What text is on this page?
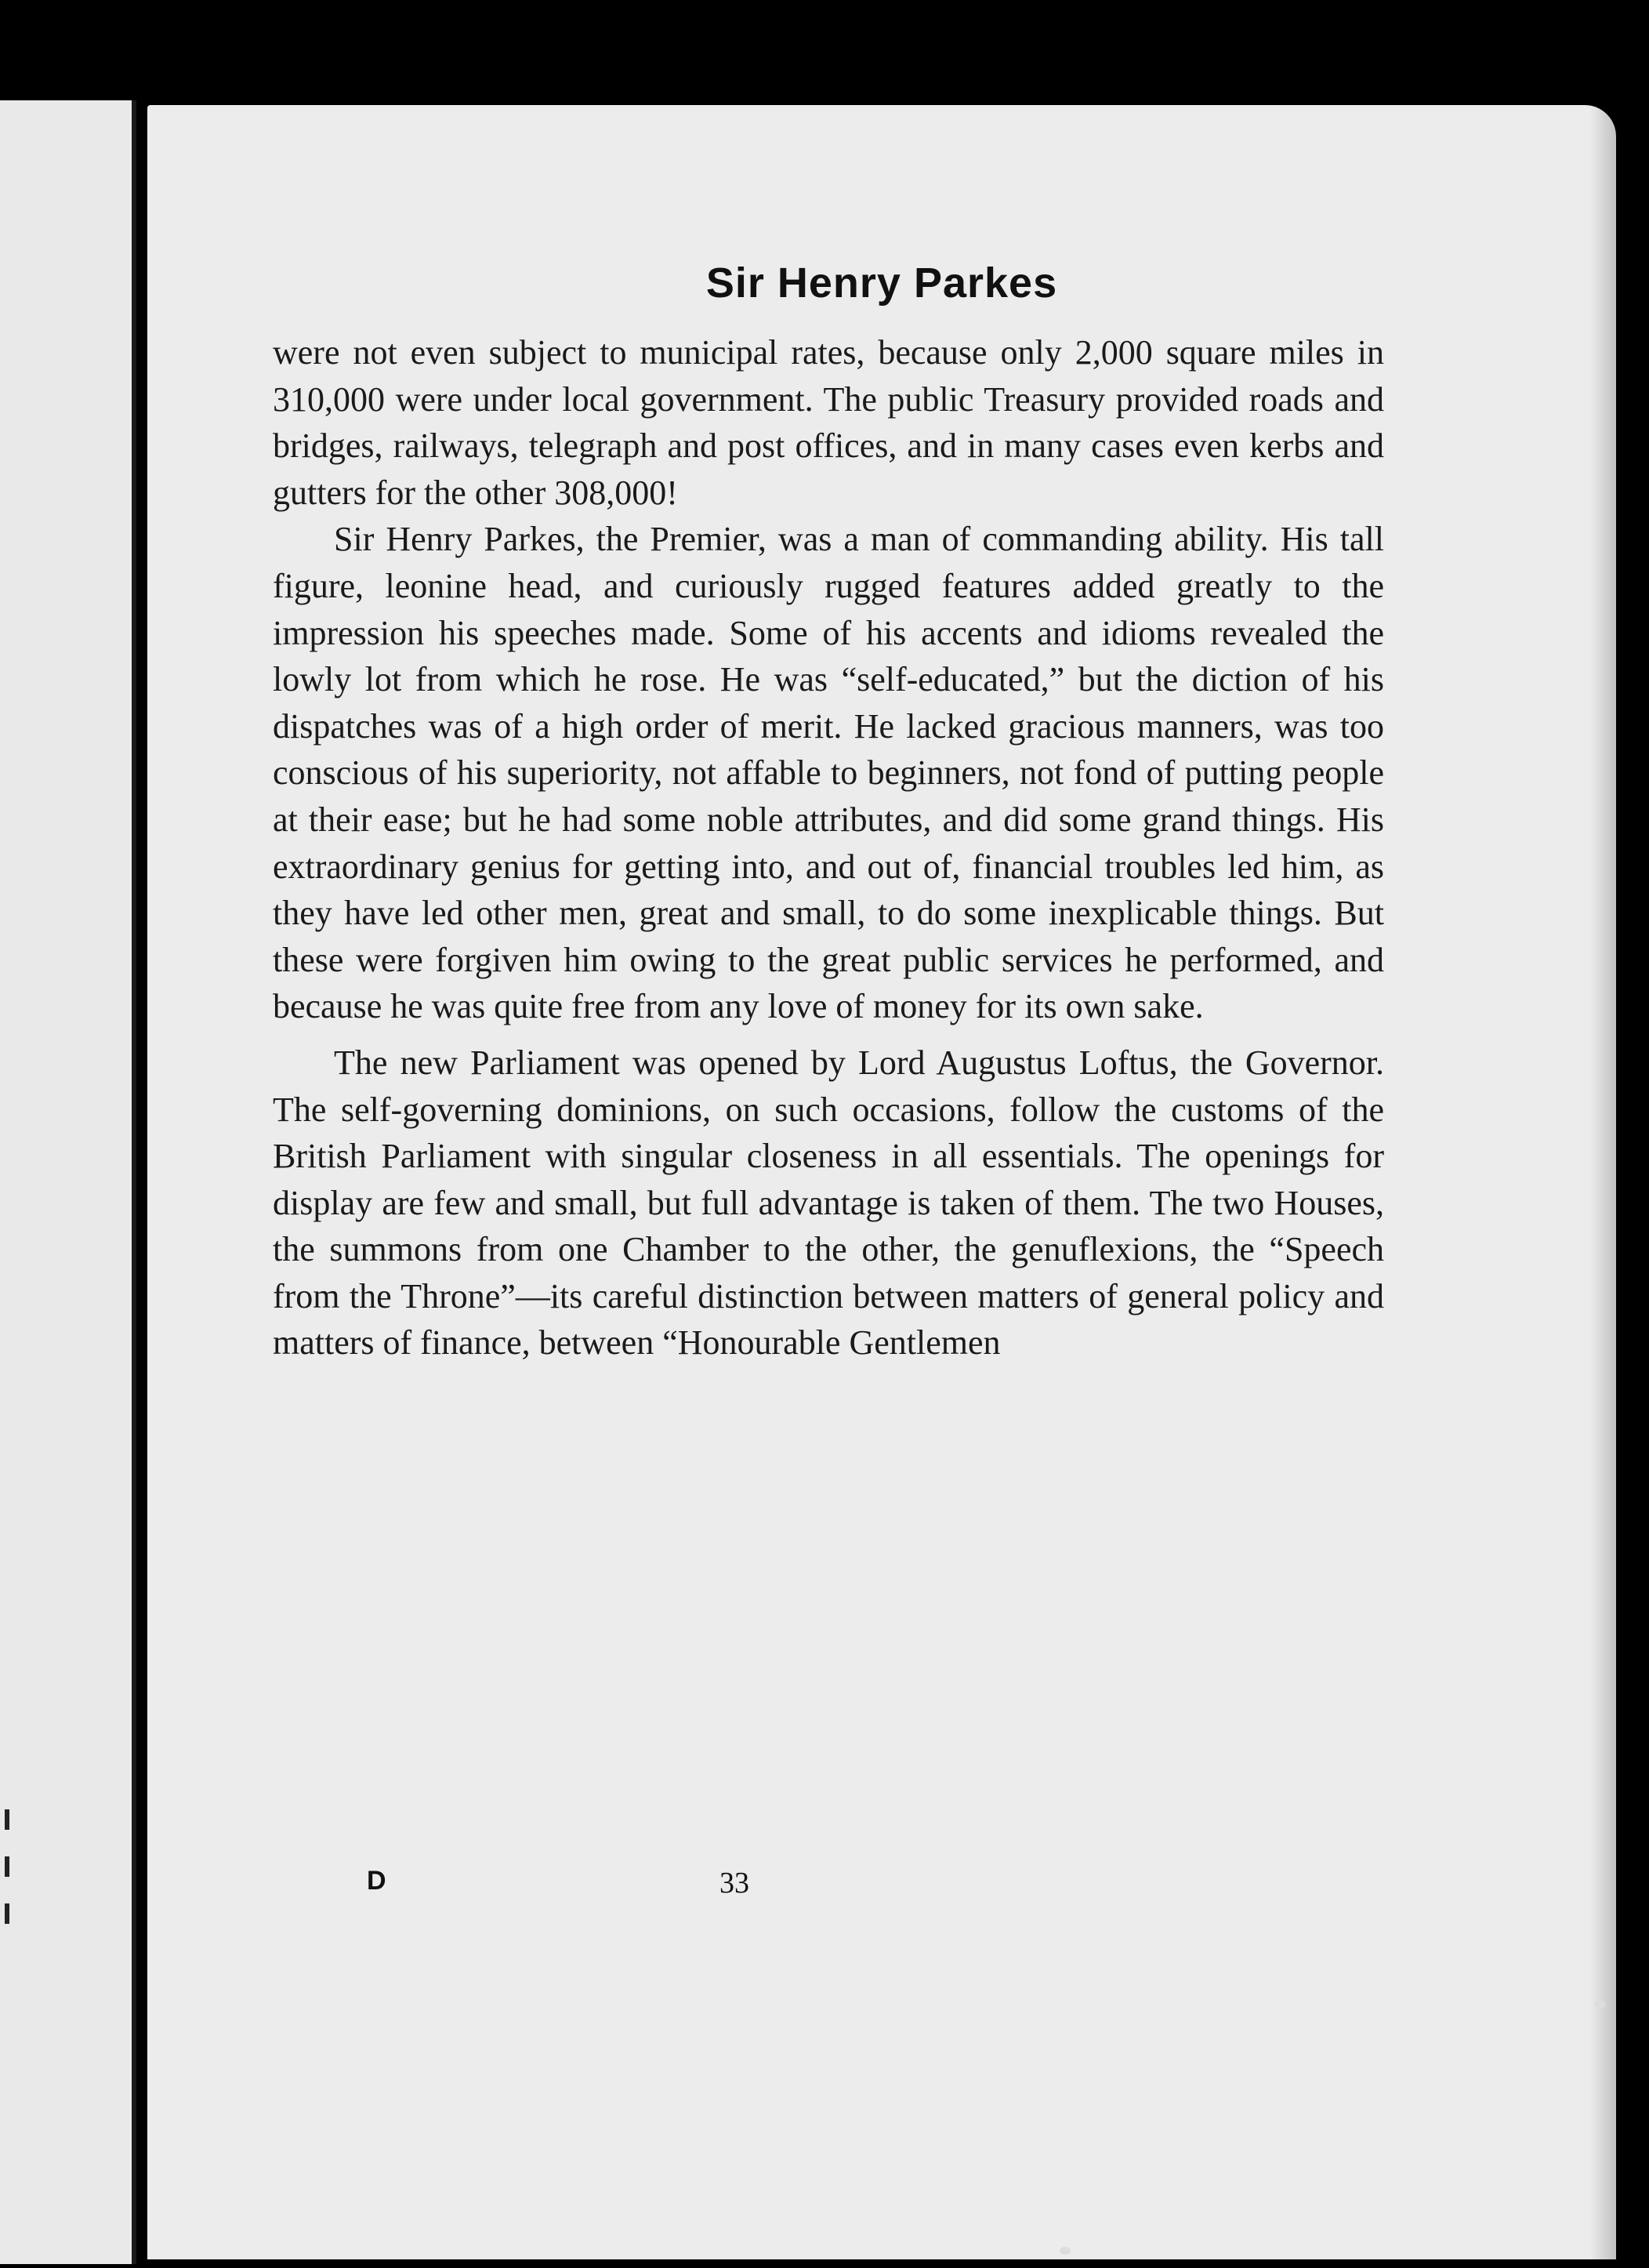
Sir Henry Parkes

were not even subject to municipal rates, because only 2,000 square miles in 310,000 were under local government. The public Treasury provided roads and bridges, railways, telegraph and post offices, and in many cases even kerbs and gutters for the other 308,000!

Sir Henry Parkes, the Premier, was a man of commanding ability. His tall figure, leonine head, and curiously rugged features added greatly to the impression his speeches made. Some of his accents and idioms revealed the lowly lot from which he rose. He was “self-educated,” but the diction of his dispatches was of a high order of merit. He lacked gracious manners, was too conscious of his superiority, not affable to beginners, not fond of putting people at their ease; but he had some noble attributes, and did some grand things. His extraordinary genius for getting into, and out of, financial troubles led him, as they have led other men, great and small, to do some inexplicable things. But these were forgiven him owing to the great public services he performed, and because he was quite free from any love of money for its own sake.

The new Parliament was opened by Lord Augustus Loftus, the Governor. The self-governing dominions, on such occasions, follow the customs of the British Parliament with singular closeness in all essentials. The openings for display are few and small, but full advantage is taken of them. The two Houses, the summons from one Chamber to the other, the genuflexions, the “Speech from the Throne”—its careful distinction between matters of general policy and matters of finance, between “Honourable Gentlemen

D	33
